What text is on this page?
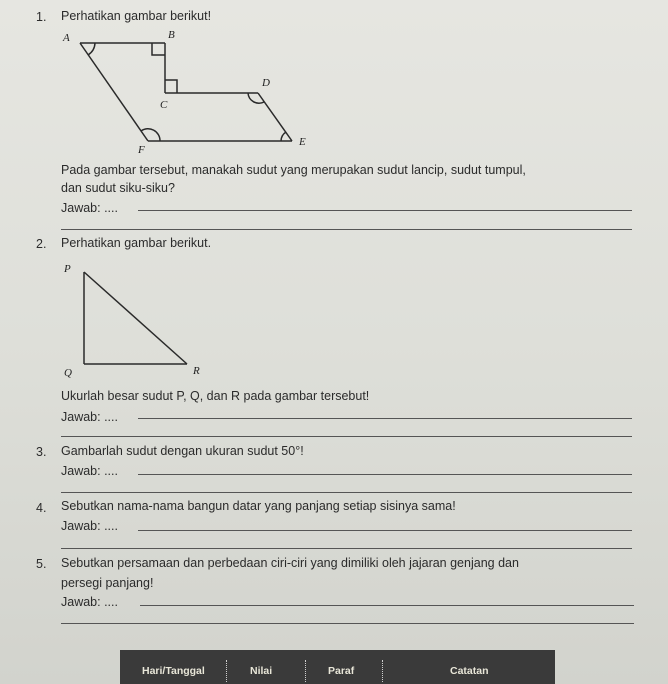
1. Perhatikan gambar berikut!
A	B
C
D
E
F
Pada gambar tersebut, manakah sudut yang merupakan sudut lancip, sudut tumpul,
dan sudut siku-siku?
Jawab: ....
2. Perhatikan gambar berikut.
P
Q	R
Ukurlah besar sudut P, Q, dan R pada gambar tersebut!
Jawab: ....
3. Gambarlah sudut dengan ukuran sudut 50°!
Jawab: ....
4. Sebutkan nama-nama bangun datar yang panjang setiap sisinya sama!
Jawab: ....
5. Sebutkan persamaan dan perbedaan ciri-ciri yang dimiliki oleh jajaran genjang dan
persegi panjang!
Jawab: ....
Hari/Tanggal	Nilai	Paraf	Catatan
